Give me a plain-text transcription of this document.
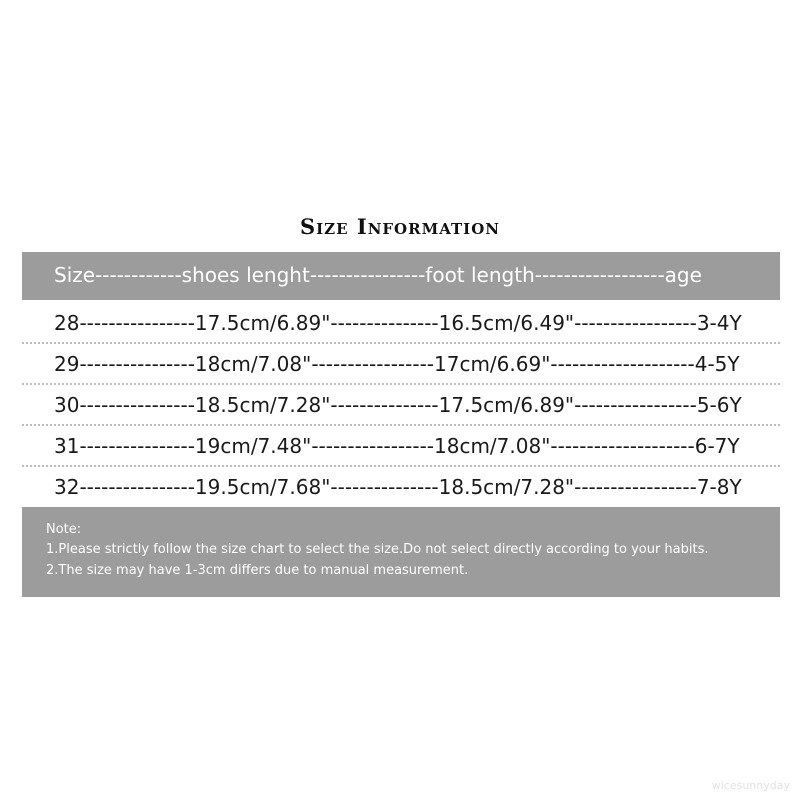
Size Information
Size------------shoes lenght----------------foot length------------------age
28----------------17.5cm/6.89"---------------16.5cm/6.49"-----------------3-4Y
29----------------18cm/7.08"-----------------17cm/6.69"--------------------4-5Y
30----------------18.5cm/7.28"---------------17.5cm/6.89"-----------------5-6Y
31----------------19cm/7.48"-----------------18cm/7.08"--------------------6-7Y
32----------------19.5cm/7.68"---------------18.5cm/7.28"-----------------7-8Y
Note:
1.Please strictly follow the size chart to select the size.Do not select directly according to your habits.
2.The size may have 1-3cm differs due to manual measurement.
wicesunnyday
